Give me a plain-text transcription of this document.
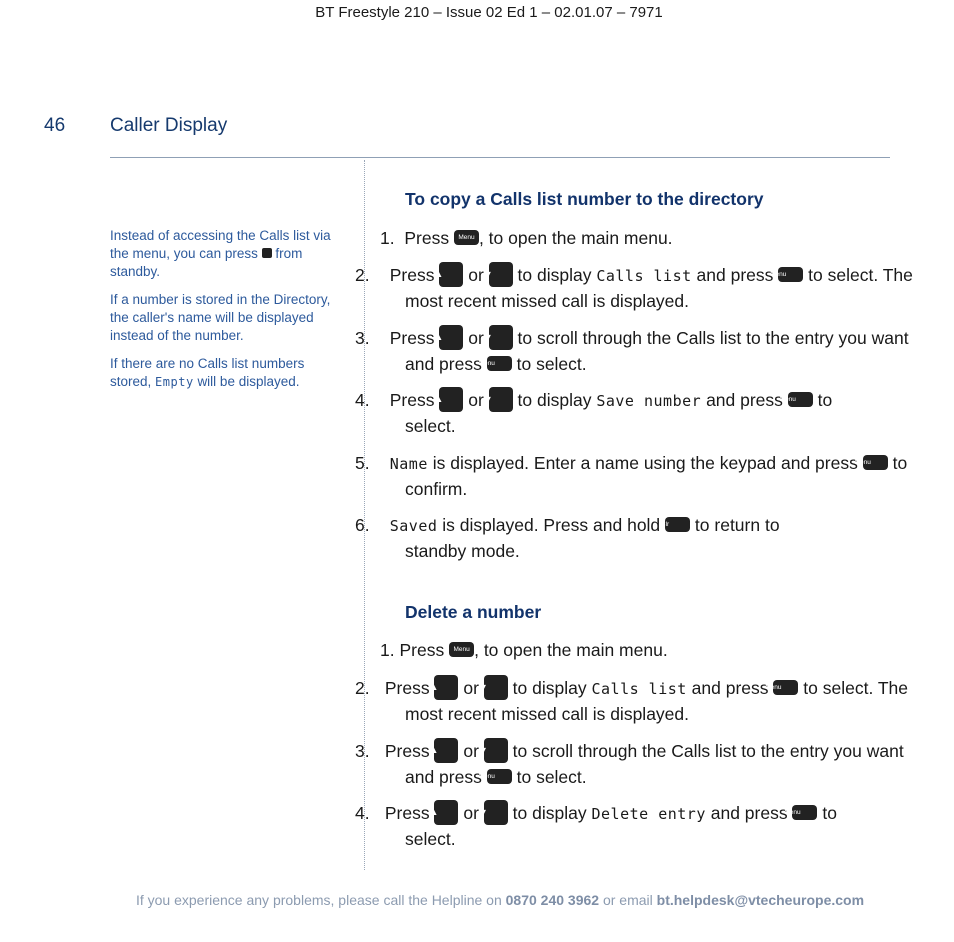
BT Freestyle 210 – Issue 02 Ed 1 – 02.01.07 – 7971
46 Caller Display

Instead of accessing the Calls list via the menu, you can press from standby.

If a number is stored in the Directory, the caller's name will be displayed instead of the number.

If there are no Calls list numbers stored, Empty will be displayed.

To copy a Calls list number to the directory
1. Press Menu , to open the main menu.
2. Press ▲ or ▼ to display Calls list and press Menu to select. The most recent missed call is displayed.
3. Press ▲ or ▼ to scroll through the Calls list to the entry you want and press Menu to select.
4. Press ▲ or ▼ to display Save number and press Menu to select.
5. Name is displayed. Enter a name using the keypad and press Menu to confirm.
6. Saved is displayed. Press and hold Clr to return to standby mode.
Delete a number
1. Press Menu , to open the main menu.
2. Press ▲ or ▼ to display Calls list and press Menu to select. The most recent missed call is displayed.
3. Press ▲ or ▼ to scroll through the Calls list to the entry you want and press Menu to select.
4. Press ▲ or ▼ to display Delete entry and press Menu to select.
If you experience any problems, please call the Helpline on 0870 240 3962 or email bt.helpdesk@vtecheurope.com
